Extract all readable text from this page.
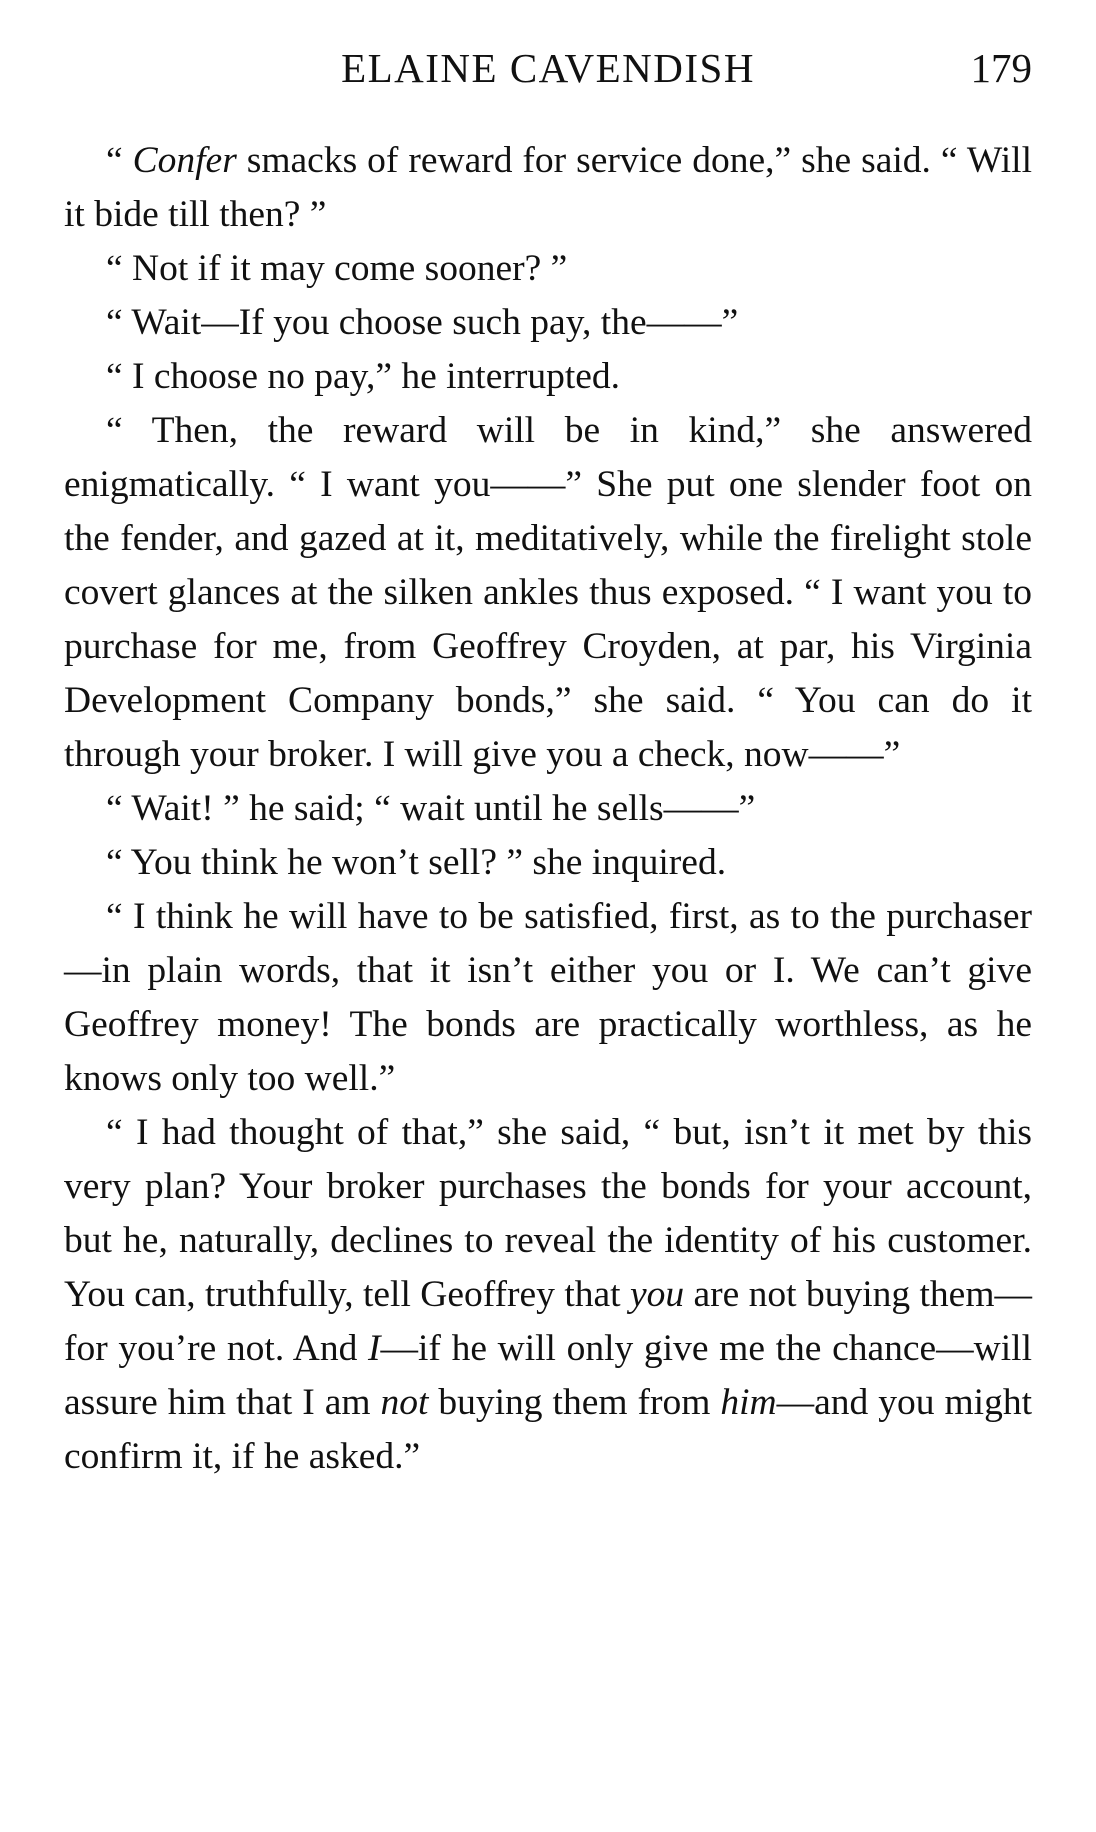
ELAINE CAVENDISH	179

“ Confer smacks of reward for service done,” she said. “ Will it bide till then? ”

“ Not if it may come sooner? ”

“ Wait—If you choose such pay, the——”

“ I choose no pay,” he interrupted.

“ Then, the reward will be in kind,” she answered enigmatically. “ I want you——” She put one slender foot on the fender, and gazed at it, meditatively, while the firelight stole covert glances at the silken ankles thus exposed. “ I want you to purchase for me, from Geoffrey Croyden, at par, his Virginia Development Company bonds,” she said. “ You can do it through your broker. I will give you a check, now——”

“ Wait! ” he said; “ wait until he sells——”

“ You think he won’t sell? ” she inquired.

“ I think he will have to be satisfied, first, as to the purchaser—in plain words, that it isn’t either you or I. We can’t give Geoffrey money! The bonds are practically worthless, as he knows only too well.”

“ I had thought of that,” she said, “ but, isn’t it met by this very plan? Your broker purchases the bonds for your account, but he, naturally, declines to reveal the identity of his customer. You can, truthfully, tell Geoffrey that you are not buying them—for you’re not. And I—if he will only give me the chance—will assure him that I am not buying them from him—and you might confirm it, if he asked.”
